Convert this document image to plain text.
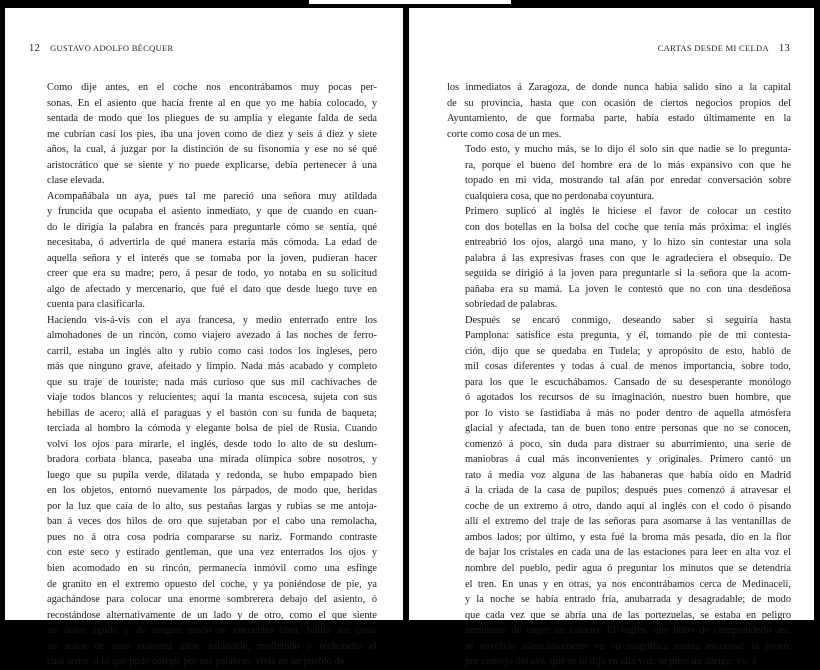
12 GUSTAVO ADOLFO BÉCQUER

Como dije antes, en el coche nos encontrábamos muy pocas per-
sonas. En el asiento que hacía frente al en que yo me había colocado, y
sentada de modo que los pliegues de su amplia y elegante falda de seda
me cubrían casi los pies, iba una joven como de diez y seis á diez y siete
años, la cual, á juzgar por la distinción de su fisonomía y ese no sé qué
aristocrático que se siente y no puede explicarse, debía pertenecer á una
clase elevada.

Acompañábala un aya, pues tal me pareció una señora muy atildada
y fruncida que ocupaba el asiento inmediato, y que de cuando en cuan-
do le dirigía la palabra en francés para preguntarle cómo se sentía, qué
necesitaba, ó advertirla de qué manera estaría más cómoda. La edad de
aquella señora y el interés que se tomaba por la joven, pudieran hacer
creer que era su madre; pero, á pesar de todo, yo notaba en su solicitud
algo de afectado y mercenario, que fué el dato que desde luego tuve en
cuenta para clasificarla.

Haciendo vis-á-vis con el aya francesa, y medio enterrado entre los
almohadones de un rincón, como viajero avezado á las noches de ferro-
carril, estaba un inglés alto y rubio como casi todos los ingleses, pero
más que ninguno grave, afeitado y limpio. Nada más acabado y completo
que su traje de touriste; nada más curioso que sus mil cachivaches de
viaje todos blancos y relucientes; aquí la manta escocesa, sujeta con sus
hebillas de acero; allá el paraguas y el bastón con su funda de baqueta;
terciada al hombro la cómoda y elegante bolsa de piel de Rusia. Cuando
volví los ojos para mirarle, el inglés, desde todo lo alto de su deslum-
bradora corbata blanca, paseaba una mirada olímpica sobre nosotros, y
luego que su pupila verde, dilatada y redonda, se hubo empapado bien
en los objetos, entornó nuevamente los párpados, de modo que, heridas
por la luz que caía de lo alto, sus pestañas largas y rubias se me antoja-
ban á veces dos hilos de oro que sujetaban por el cabo una remolacha,
pues no á otra cosa podría compararse su nariz. Formando contraste
con este seco y estirado gentleman, que una vez enterrados los ojos y
bien acomodado en su rincón, permanecía inmóvil como una esfinge
de granito en el extremo opuesto del coche, y ya poniéndose de pie, ya
agachándose para colocar una enorme sombrerera debajo del asiento, ó
recostándose alternativamente de un lado y de otro, como el que siente
un dolor agudo y de ningún modo se encuentra bien, bullía sin cesar
un señor de unos cuarenta años, saludable, mofletudo y rechoncho el
cual señor, á lo que pude colegir por sus palabras, vivía en un pueblo de

CARTAS DESDE MI CELDA 13

los inmediatos á Zaragoza, de donde nunca había salido sino a la capital
de su provincia, hasta que con ocasión de ciertos negocios propios del
Ayuntamiento, de que formaba parte, había estado últimamente en la
corte como cosa de un mes.

Todo esto, y mucho más, se lo dijo él solo sin que nadie se lo pregunta-
ra, porque el bueno del hombre era de lo más expansivo con que he
topado en mi vida, mostrando tal afán por enredar conversación sobre
cualquiera cosa, que no perdonaba coyuntura.

Primero suplicó al inglés le hiciese el favor de colocar un cestito
con dos botellas en la bolsa del coche que tenía más próxima: el inglés
entreabrió los ojos, alargó una mano, y lo hizo sin contestar una sola
palabra á las expresivas frases con que le agradeciera el obsequio. De
seguida se dirigió á la joven para preguntarle si la señora que la acom-
pañaba era su mamá. La joven le contestó que no con una desdeñosa
sobriedad de palabras.

Después se encaró conmigo, deseando saber si seguiría hasta
Pamplona: satisfice esta pregunta, y él, tomando pie de mi contesta-
ción, dijo que se quedaba en Tudela; y apropósito de esto, habló de
mil cosas diferentes y todas á cual de menos importancia, sobre todo,
para los que le escuchábamos. Cansado de su desesperante monólogo
ó agotados los recursos de su imaginación, nuestro buen hombre, que
por lo visto se fastidiaba á más no poder dentro de aquella atmósfera
glacial y afectada, tan de buen tono entre personas que no se conocen,
comenzó á poco, sin duda para distraer su aburrimiento, una serie de
maniobras á cual más inconvenientes y originales. Primero cantó un
rato á media voz alguna de las habaneras que había oído en Madrid
á la criada de la casa de pupilos; después pues comenzó á atravesar el
coche de un extremo á otro, dando aquí al inglés con el codo ó pisando
allí el extremo del traje de las señoras para asomarse á las ventanillas de
ambos lados; por último, y esta fué la broma más pesada, dio en la flor
de bajar los cristales en cada una de las estaciones para leer en alta voz el
nombre del pueblo, pedir agua ó preguntar los minutos que se detendría
el tren. En unas y en otras, ya nos encontrábamos cerca de Medinaceli,
y la noche se había entrado fría, anubarrada y desagradable; de modo
que cada vez que se abría una de las portezuelas, se estaba en peligro
inminente de coger un catarro. El inglés, que hubo de comprenderlo así,
se envolvió silenciosamente en su magnífica manta escocesa; la joven,
por consejo del aya, que se lo dijo en alta voz, se puso un abrigo; yo, á
